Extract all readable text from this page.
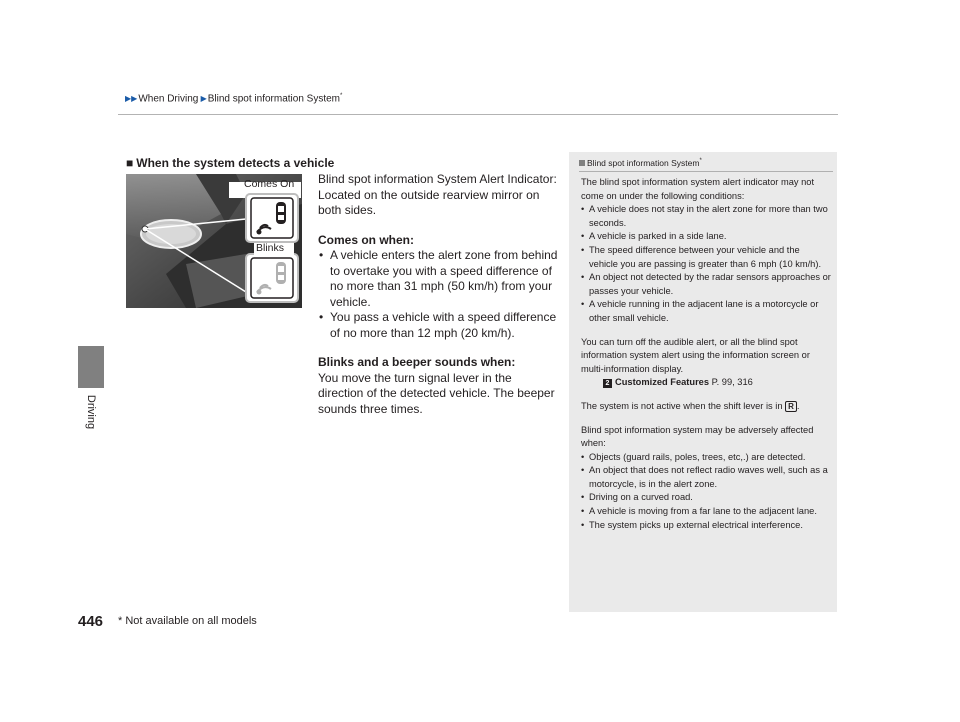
▶▶When Driving ▶Blind spot information System*
Driving
■ When the system detects a vehicle
Comes On
Blinks

Blind spot information System Alert Indicator:

Located on the outside rearview mirror on both sides.

Comes on when:

• A vehicle enters the alert zone from behind to overtake you with a speed difference of no more than 31 mph (50 km/h) from your vehicle.
• You pass a vehicle with a speed difference of no more than 12 mph (20 km/h).

Blinks and a beeper sounds when:

You move the turn signal lever in the direction of the detected vehicle. The beeper sounds three times.

Blind spot information System*

The blind spot information system alert indicator may not come on under the following conditions:

• A vehicle does not stay in the alert zone for more than two seconds.
• A vehicle is parked in a side lane.
• The speed difference between your vehicle and the vehicle you are passing is greater than 6 mph (10 km/h).
• An object not detected by the radar sensors approaches or passes your vehicle.
• A vehicle running in the adjacent lane is a motorcycle or other small vehicle.

You can turn off the audible alert, or all the blind spot information system alert using the information screen or multi-information display.

2 Customized Features P. 99, 316

The system is not active when the shift lever is in R .

Blind spot information system may be adversely affected when:

• Objects (guard rails, poles, trees, etc,.) are detected.
• An object that does not reflect radio waves well, such as a motorcycle, is in the alert zone.
• Driving on a curved road.
• A vehicle is moving from a far lane to the adjacent lane.
• The system picks up external electrical interference.
446 * Not available on all models
